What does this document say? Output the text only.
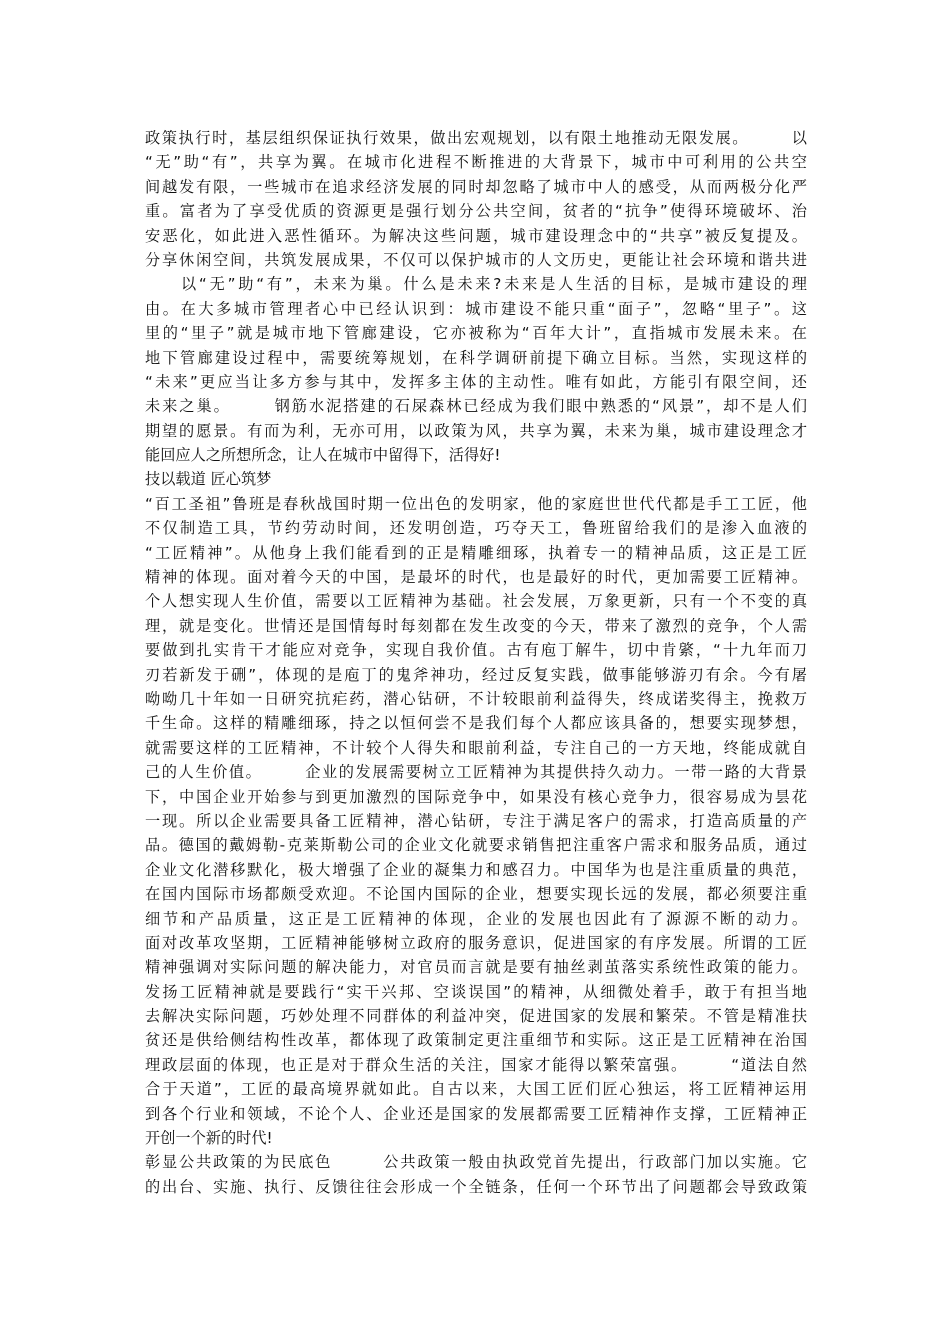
政策执行时，基层组织保证执行效果，做出宏观规划，以有限土地推动无限发展。　　　以
“无”助“有”，共享为翼。在城市化进程不断推进的大背景下，城市中可利用的公共空
间越发有限，一些城市在追求经济发展的同时却忽略了城市中人的感受，从而两极分化严
重。富者为了享受优质的资源更是强行划分公共空间，贫者的“抗争”使得环境破坏、治
安恶化，如此进入恶性循环。为解决这些问题，城市建设理念中的“共享”被反复提及。
分享休闲空间，共筑发展成果，不仅可以保护城市的人文历史，更能让社会环境和谐共进
　　以“无”助“有”，未来为巢。什么是未来?未来是人生活的目标，是城市建设的理
由。在大多城市管理者心中已经认识到：城市建设不能只重“面子”，忽略“里子”。这
里的“里子”就是城市地下管廊建设，它亦被称为“百年大计”，直指城市发展未来。在
地下管廊建设过程中，需要统筹规划，在科学调研前提下确立目标。当然，实现这样的
“未来”更应当让多方参与其中，发挥多主体的主动性。唯有如此，方能引有限空间，还
未来之巢。　　　钢筋水泥搭建的石屎森林已经成为我们眼中熟悉的“风景”，却不是人们
期望的愿景。有而为利，无亦可用，以政策为风，共享为翼，未来为巢，城市建设理念才
能回应人之所想所念，让人在城市中留得下，活得好!
技以载道 匠心筑梦
“百工圣祖”鲁班是春秋战国时期一位出色的发明家，他的家庭世世代代都是手工工匠，他
不仅制造工具，节约劳动时间，还发明创造，巧夺天工，鲁班留给我们的是渗入血液的
“工匠精神”。从他身上我们能看到的正是精雕细琢，执着专一的精神品质，这正是工匠
精神的体现。面对着今天的中国，是最坏的时代，也是最好的时代，更加需要工匠精神。
个人想实现人生价值，需要以工匠精神为基础。社会发展，万象更新，只有一个不变的真
理，就是变化。世情还是国情每时每刻都在发生改变的今天，带来了激烈的竞争，个人需
要做到扎实肯干才能应对竞争，实现自我价值。古有庖丁解牛，切中肯綮，“十九年而刀
刃若新发于硎”，体现的是庖丁的鬼斧神功，经过反复实践，做事能够游刃有余。今有屠
呦呦几十年如一日研究抗疟药，潜心钻研，不计较眼前利益得失，终成诺奖得主，挽救万
千生命。这样的精雕细琢，持之以恒何尝不是我们每个人都应该具备的，想要实现梦想，
就需要这样的工匠精神，不计较个人得失和眼前利益，专注自己的一方天地，终能成就自
己的人生价值。　　　企业的发展需要树立工匠精神为其提供持久动力。一带一路的大背景
下，中国企业开始参与到更加激烈的国际竞争中，如果没有核心竞争力，很容易成为昙花
一现。所以企业需要具备工匠精神，潜心钻研，专注于满足客户的需求，打造高质量的产
品。德国的戴姆勒-克莱斯勒公司的企业文化就要求销售把注重客户需求和服务品质，通过
企业文化潜移默化，极大增强了企业的凝集力和感召力。中国华为也是注重质量的典范，
在国内国际市场都颇受欢迎。不论国内国际的企业，想要实现长远的发展，都必须要注重
细节和产品质量，这正是工匠精神的体现，企业的发展也因此有了源源不断的动力。
面对改革攻坚期，工匠精神能够树立政府的服务意识，促进国家的有序发展。所谓的工匠
精神强调对实际问题的解决能力，对官员而言就是要有抽丝剥茧落实系统性政策的能力。
发扬工匠精神就是要践行“实干兴邦、空谈误国”的精神，从细微处着手，敢于有担当地
去解决实际问题，巧妙处理不同群体的利益冲突，促进国家的发展和繁荣。不管是精准扶
贫还是供给侧结构性改革，都体现了政策制定更注重细节和实际。这正是工匠精神在治国
理政层面的体现，也正是对于群众生活的关注，国家才能得以繁荣富强。　　　“道法自然
合于天道”，工匠的最高境界就如此。自古以来，大国工匠们匠心独运，将工匠精神运用
到各个行业和领域，不论个人、企业还是国家的发展都需要工匠精神作支撑，工匠精神正
开创一个新的时代!
彰显公共政策的为民底色　　　公共政策一般由执政党首先提出，行政部门加以实施。它
的出台、实施、执行、反馈往往会形成一个全链条，任何一个环节出了问题都会导致政策
